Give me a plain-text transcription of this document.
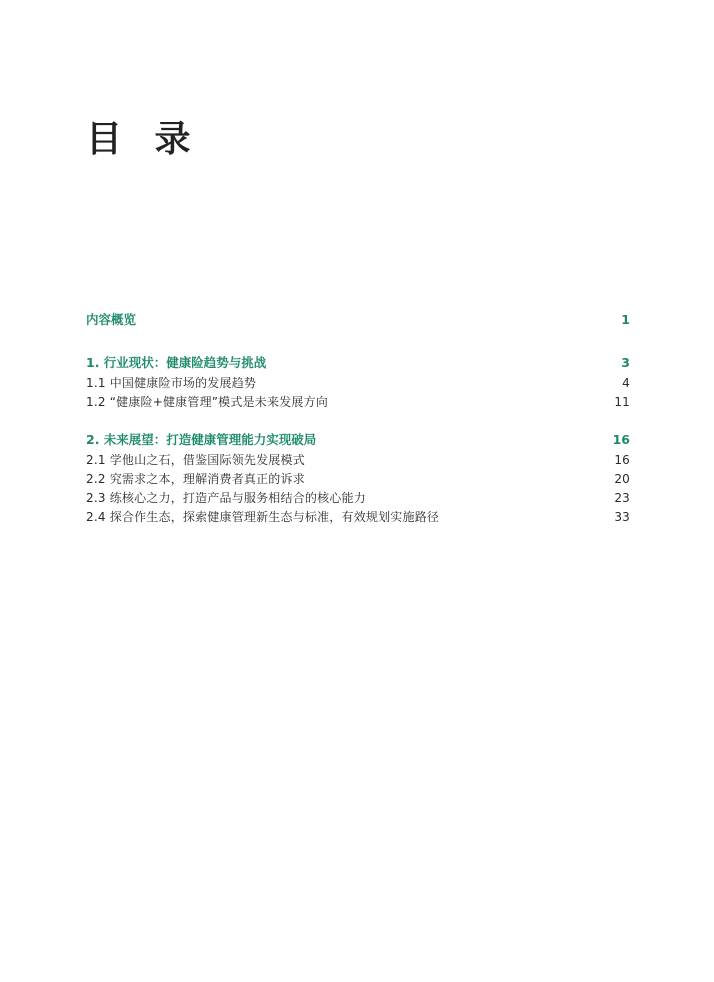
目 录
内容概览	1
1. 行业现状：健康险趋势与挑战	3
1.1 中国健康险市场的发展趋势	4
1.2 “健康险+健康管理”模式是未来发展方向	11
2. 未来展望：打造健康管理能力实现破局	16
2.1 学他山之石，借鉴国际领先发展模式	16
2.2 究需求之本，理解消费者真正的诉求	20
2.3 练核心之力，打造产品与服务相结合的核心能力	23
2.4 探合作生态，探索健康管理新生态与标准，有效规划实施路径	33
